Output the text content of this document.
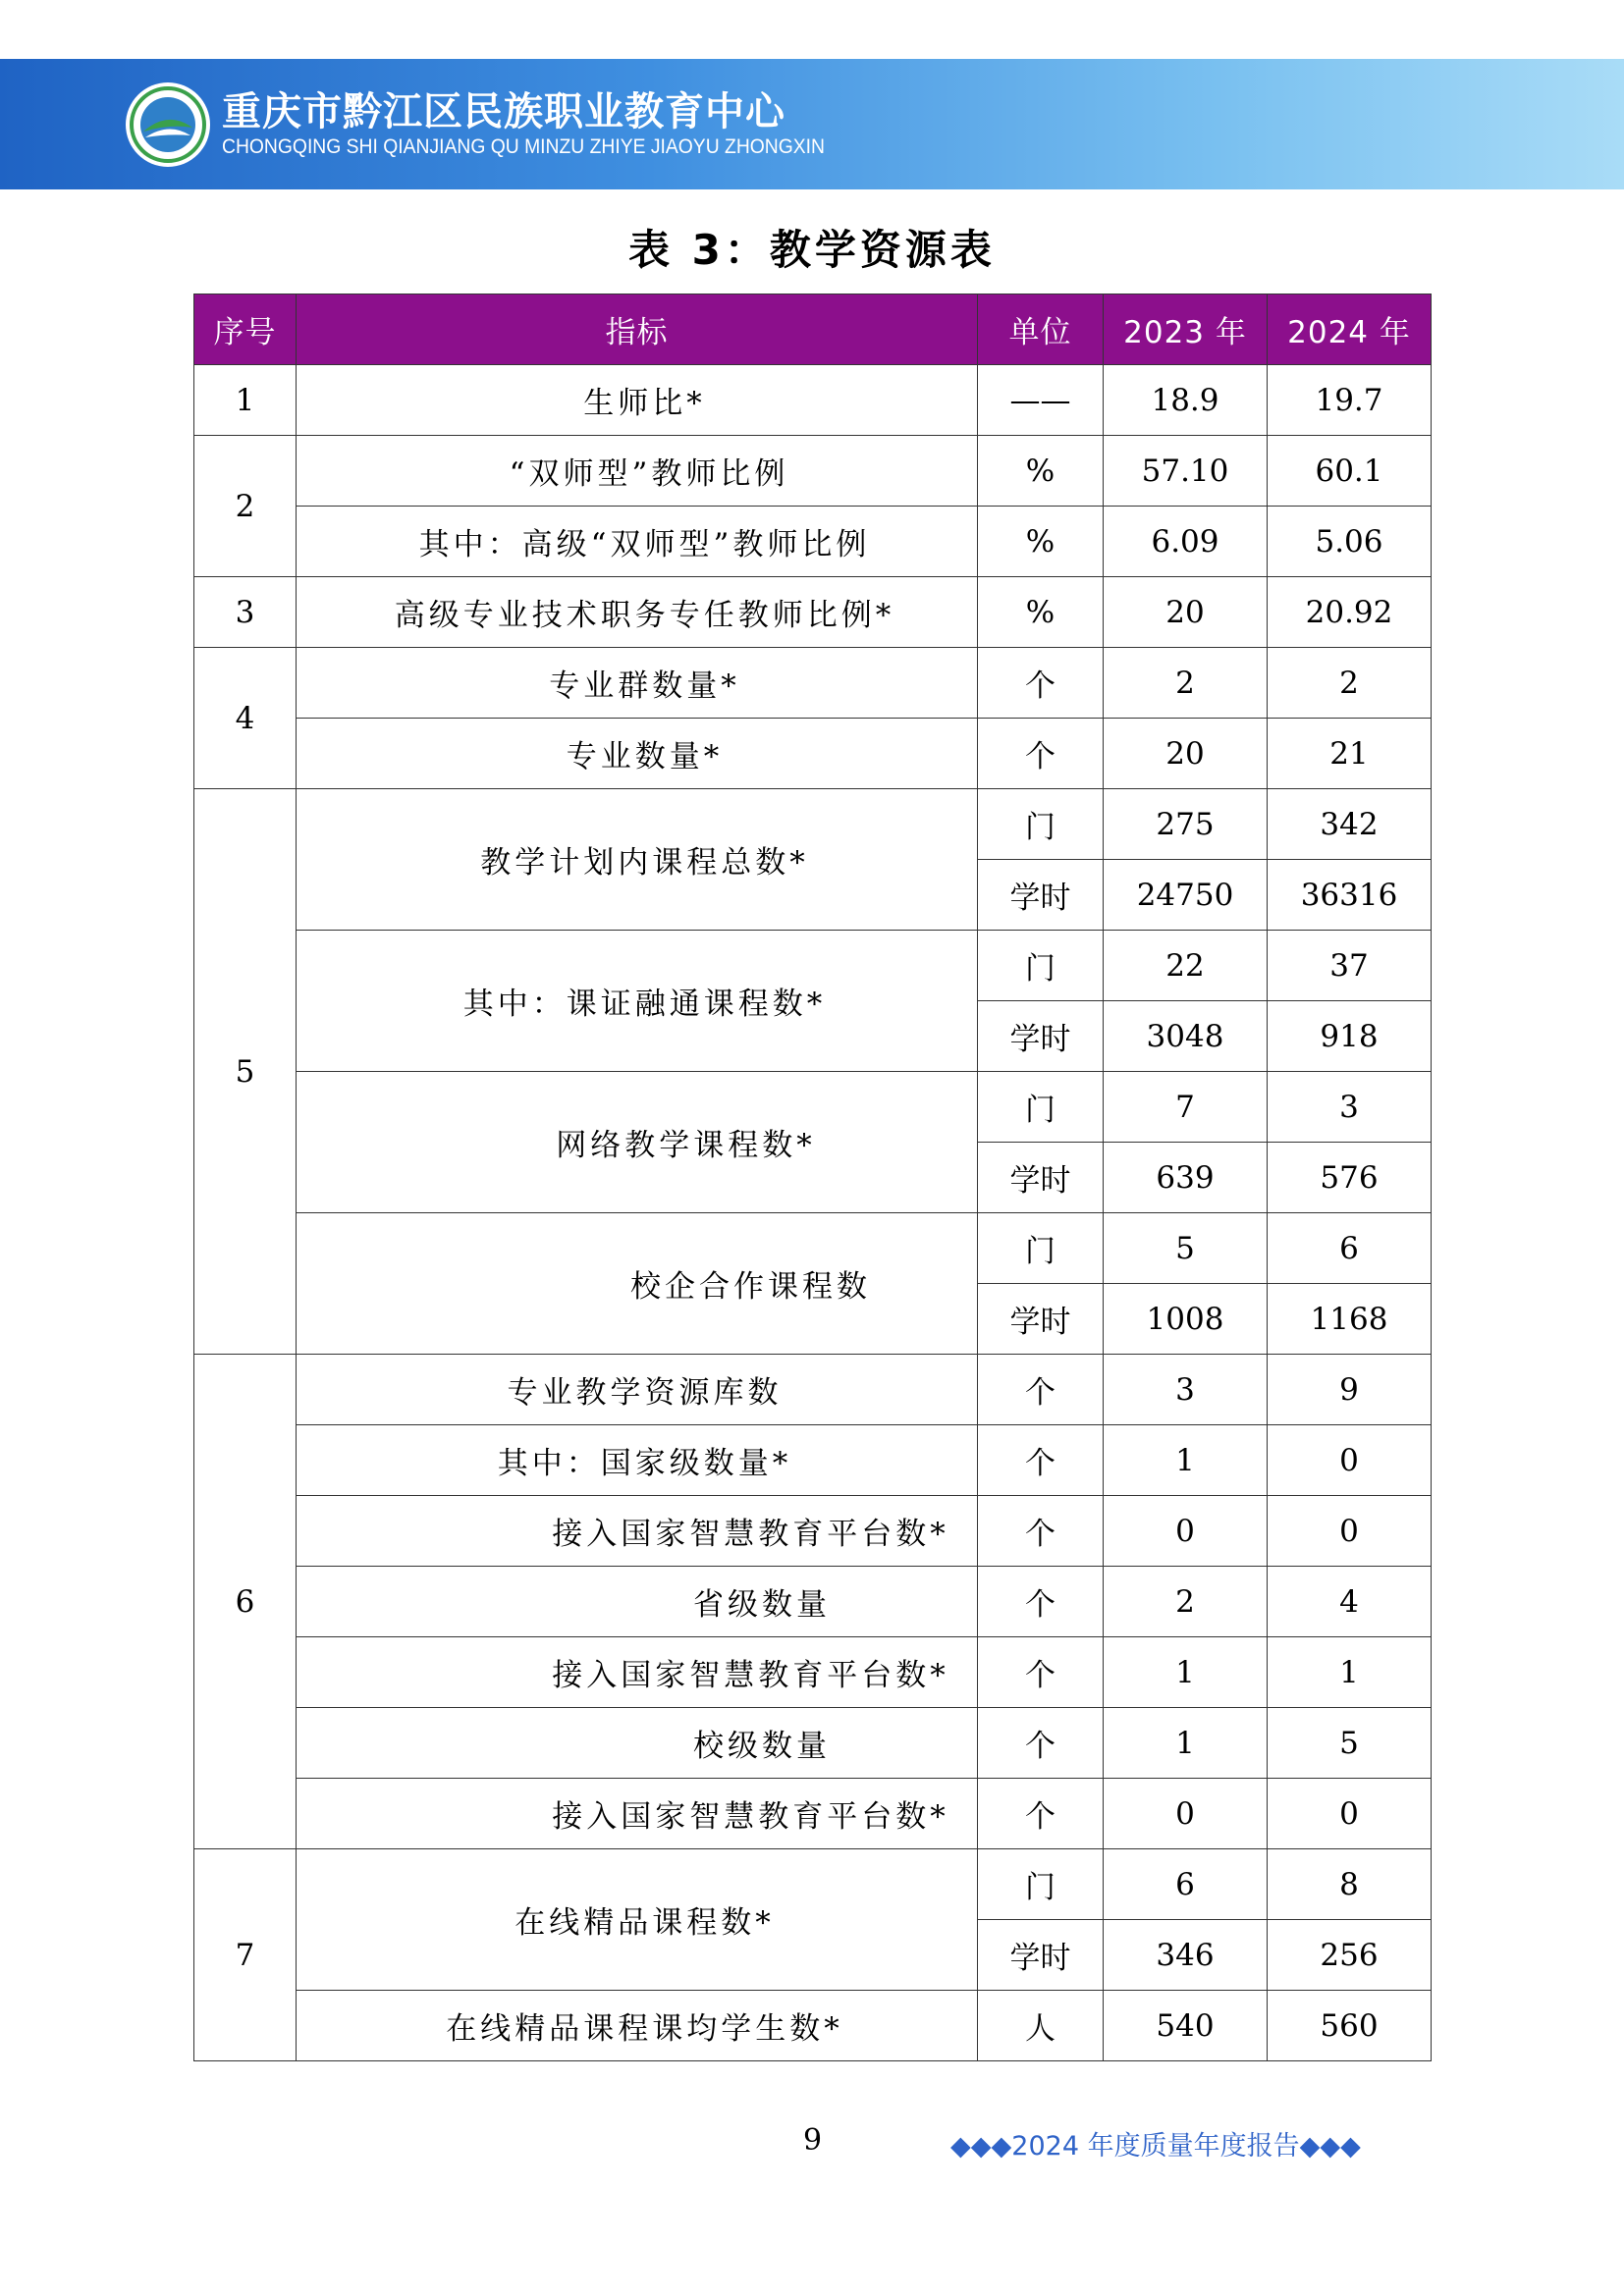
重庆市黔江区民族职业教育中心
CHONGQING SHI QIANJIANG QU MINZU ZHIYE JIAOYU ZHONGXIN
表 3：教学资源表
序号	指标	单位	2023 年	2024 年
1	生师比*	——	18.9	19.7
2	“双师型”教师比例	%	57.10	60.1
	其中：高级“双师型”教师比例	%	6.09	5.06
3	高级专业技术职务专任教师比例*	%	20	20.92
4	专业群数量*	个	2	2
	专业数量*	个	20	21
5	教学计划内课程总数*	门	275	342
		学时	24750	36316
	其中：课证融通课程数*	门	22	37
		学时	3048	918
	网络教学课程数*	门	7	3
		学时	639	576
	校企合作课程数	门	5	6
		学时	1008	1168
6	专业教学资源库数	个	3	9
	其中：国家级数量*	个	1	0
	接入国家智慧教育平台数*	个	0	0
	省级数量	个	2	4
	接入国家智慧教育平台数*	个	1	1
	校级数量	个	1	5
	接入国家智慧教育平台数*	个	0	0
7	在线精品课程数*	门	6	8
		学时	346	256
	在线精品课程课均学生数*	人	540	560
9	◆◆◆2024 年度质量年度报告◆◆◆
